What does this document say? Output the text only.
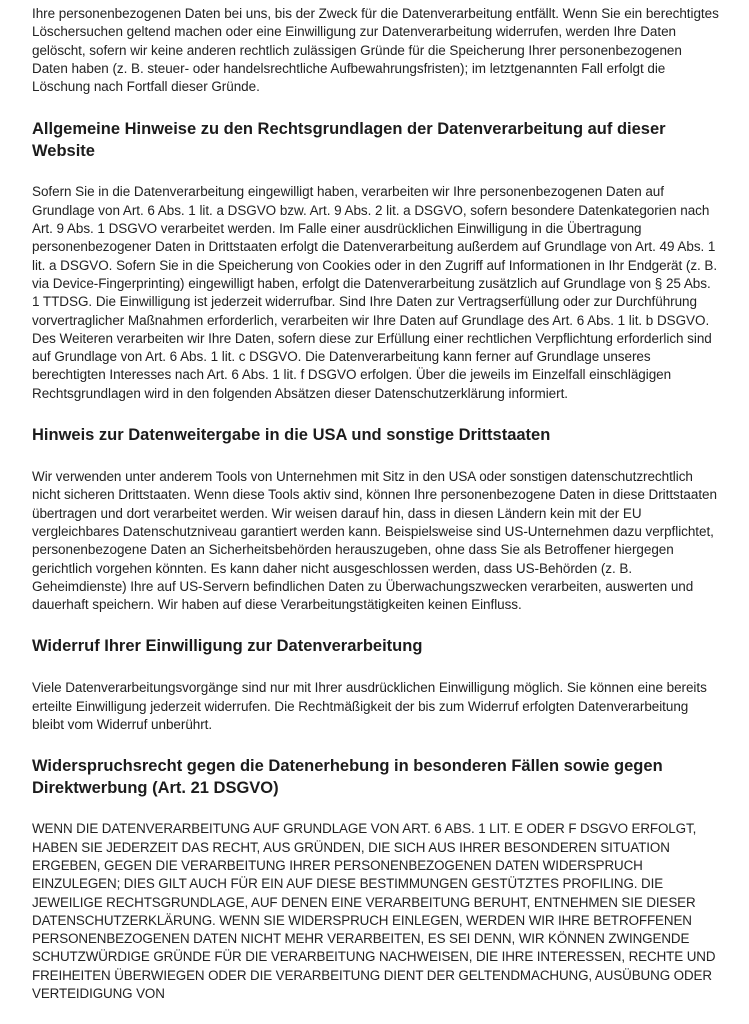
Ihre personenbezogenen Daten bei uns, bis der Zweck für die Datenverarbeitung entfällt. Wenn Sie ein berechtigtes Löschersuchen geltend machen oder eine Einwilligung zur Datenverarbeitung widerrufen, werden Ihre Daten gelöscht, sofern wir keine anderen rechtlich zulässigen Gründe für die Speicherung Ihrer personenbezogenen Daten haben (z. B. steuer- oder handelsrechtliche Aufbewahrungsfristen); im letztgenannten Fall erfolgt die Löschung nach Fortfall dieser Gründe.

Allgemeine Hinweise zu den Rechtsgrundlagen der Datenverarbeitung auf dieser Website

Sofern Sie in die Datenverarbeitung eingewilligt haben, verarbeiten wir Ihre personenbezogenen Daten auf Grundlage von Art. 6 Abs. 1 lit. a DSGVO bzw. Art. 9 Abs. 2 lit. a DSGVO, sofern besondere Datenkategorien nach Art. 9 Abs. 1 DSGVO verarbeitet werden. Im Falle einer ausdrücklichen Einwilligung in die Übertragung personenbezogener Daten in Drittstaaten erfolgt die Datenverarbeitung außerdem auf Grundlage von Art. 49 Abs. 1 lit. a DSGVO. Sofern Sie in die Speicherung von Cookies oder in den Zugriff auf Informationen in Ihr Endgerät (z. B. via Device-Fingerprinting) eingewilligt haben, erfolgt die Datenverarbeitung zusätzlich auf Grundlage von § 25 Abs. 1 TTDSG. Die Einwilligung ist jederzeit widerrufbar. Sind Ihre Daten zur Vertragserfüllung oder zur Durchführung vorvertraglicher Maßnahmen erforderlich, verarbeiten wir Ihre Daten auf Grundlage des Art. 6 Abs. 1 lit. b DSGVO. Des Weiteren verarbeiten wir Ihre Daten, sofern diese zur Erfüllung einer rechtlichen Verpflichtung erforderlich sind auf Grundlage von Art. 6 Abs. 1 lit. c DSGVO. Die Datenverarbeitung kann ferner auf Grundlage unseres berechtigten Interesses nach Art. 6 Abs. 1 lit. f DSGVO erfolgen. Über die jeweils im Einzelfall einschlägigen Rechtsgrundlagen wird in den folgenden Absätzen dieser Datenschutzerklärung informiert.

Hinweis zur Datenweitergabe in die USA und sonstige Drittstaaten

Wir verwenden unter anderem Tools von Unternehmen mit Sitz in den USA oder sonstigen datenschutzrechtlich nicht sicheren Drittstaaten. Wenn diese Tools aktiv sind, können Ihre personenbezogene Daten in diese Drittstaaten übertragen und dort verarbeitet werden. Wir weisen darauf hin, dass in diesen Ländern kein mit der EU vergleichbares Datenschutzniveau garantiert werden kann. Beispielsweise sind US-Unternehmen dazu verpflichtet, personenbezogene Daten an Sicherheitsbehörden herauszugeben, ohne dass Sie als Betroffener hiergegen gerichtlich vorgehen könnten. Es kann daher nicht ausgeschlossen werden, dass US-Behörden (z. B. Geheimdienste) Ihre auf US-Servern befindlichen Daten zu Überwachungszwecken verarbeiten, auswerten und dauerhaft speichern. Wir haben auf diese Verarbeitungstätigkeiten keinen Einfluss.

Widerruf Ihrer Einwilligung zur Datenverarbeitung

Viele Datenverarbeitungsvorgänge sind nur mit Ihrer ausdrücklichen Einwilligung möglich. Sie können eine bereits erteilte Einwilligung jederzeit widerrufen. Die Rechtmäßigkeit der bis zum Widerruf erfolgten Datenverarbeitung bleibt vom Widerruf unberührt.

Widerspruchsrecht gegen die Datenerhebung in besonderen Fällen sowie gegen Direktwerbung (Art. 21 DSGVO)

WENN DIE DATENVERARBEITUNG AUF GRUNDLAGE VON ART. 6 ABS. 1 LIT. E ODER F DSGVO ERFOLGT, HABEN SIE JEDERZEIT DAS RECHT, AUS GRÜNDEN, DIE SICH AUS IHRER BESONDEREN SITUATION ERGEBEN, GEGEN DIE VERARBEITUNG IHRER PERSONENBEZOGENEN DATEN WIDERSPRUCH EINZULEGEN; DIES GILT AUCH FÜR EIN AUF DIESE BESTIMMUNGEN GESTÜTZTES PROFILING. DIE JEWEILIGE RECHTSGRUNDLAGE, AUF DENEN EINE VERARBEITUNG BERUHT, ENTNEHMEN SIE DIESER DATENSCHUTZERKLÄRUNG. WENN SIE WIDERSPRUCH EINLEGEN, WERDEN WIR IHRE BETROFFENEN PERSONENBEZOGENEN DATEN NICHT MEHR VERARBEITEN, ES SEI DENN, WIR KÖNNEN ZWINGENDE SCHUTZWÜRDIGE GRÜNDE FÜR DIE VERARBEITUNG NACHWEISEN, DIE IHRE INTERESSEN, RECHTE UND FREIHEITEN ÜBERWIEGEN ODER DIE VERARBEITUNG DIENT DER GELTENDMACHUNG, AUSÜBUNG ODER VERTEIDIGUNG VON
